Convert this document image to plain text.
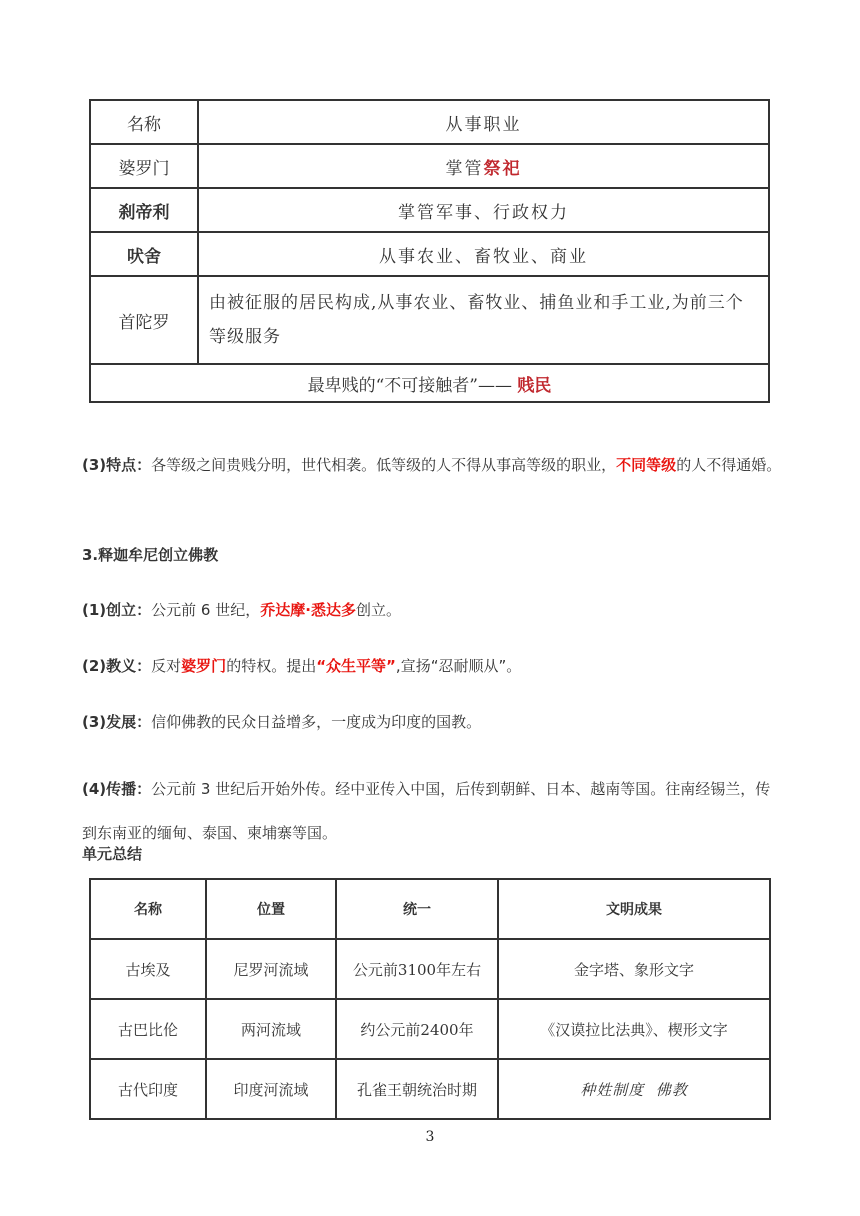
名称	从事职业
婆罗门	掌管祭祀
刹帝利	掌管军事、行政权力
吠舍	从事农业、畜牧业、商业
首陀罗	由被征服的居民构成,从事农业、畜牧业、捕鱼业和手工业,为前三个等级服务
最卑贱的“不可接触者”—— 贱民	
(3)特点：各等级之间贵贱分明，世代相袭。低等级的人不得从事高等级的职业，不同等级的人不得通婚。
3.释迦牟尼创立佛教
(1)创立：公元前 6 世纪，乔达摩·悉达多创立。
(2)教义：反对婆罗门的特权。提出“众生平等”,宣扬“忍耐顺从”。
(3)发展：信仰佛教的民众日益增多，一度成为印度的国教。
(4)传播：公元前 3 世纪后开始外传。经中亚传入中国，后传到朝鲜、日本、越南等国。往南经锡兰，传到东南亚的缅甸、泰国、柬埔寨等国。
单元总结
名称	位置	统一	文明成果
古埃及	尼罗河流域	公元前3100年左右	金字塔、象形文字
古巴比伦	两河流域	约公元前2400年	《汉谟拉比法典》、楔形文字
古代印度	印度河流域	孔雀王朝统治时期	种姓制度  佛教
3
